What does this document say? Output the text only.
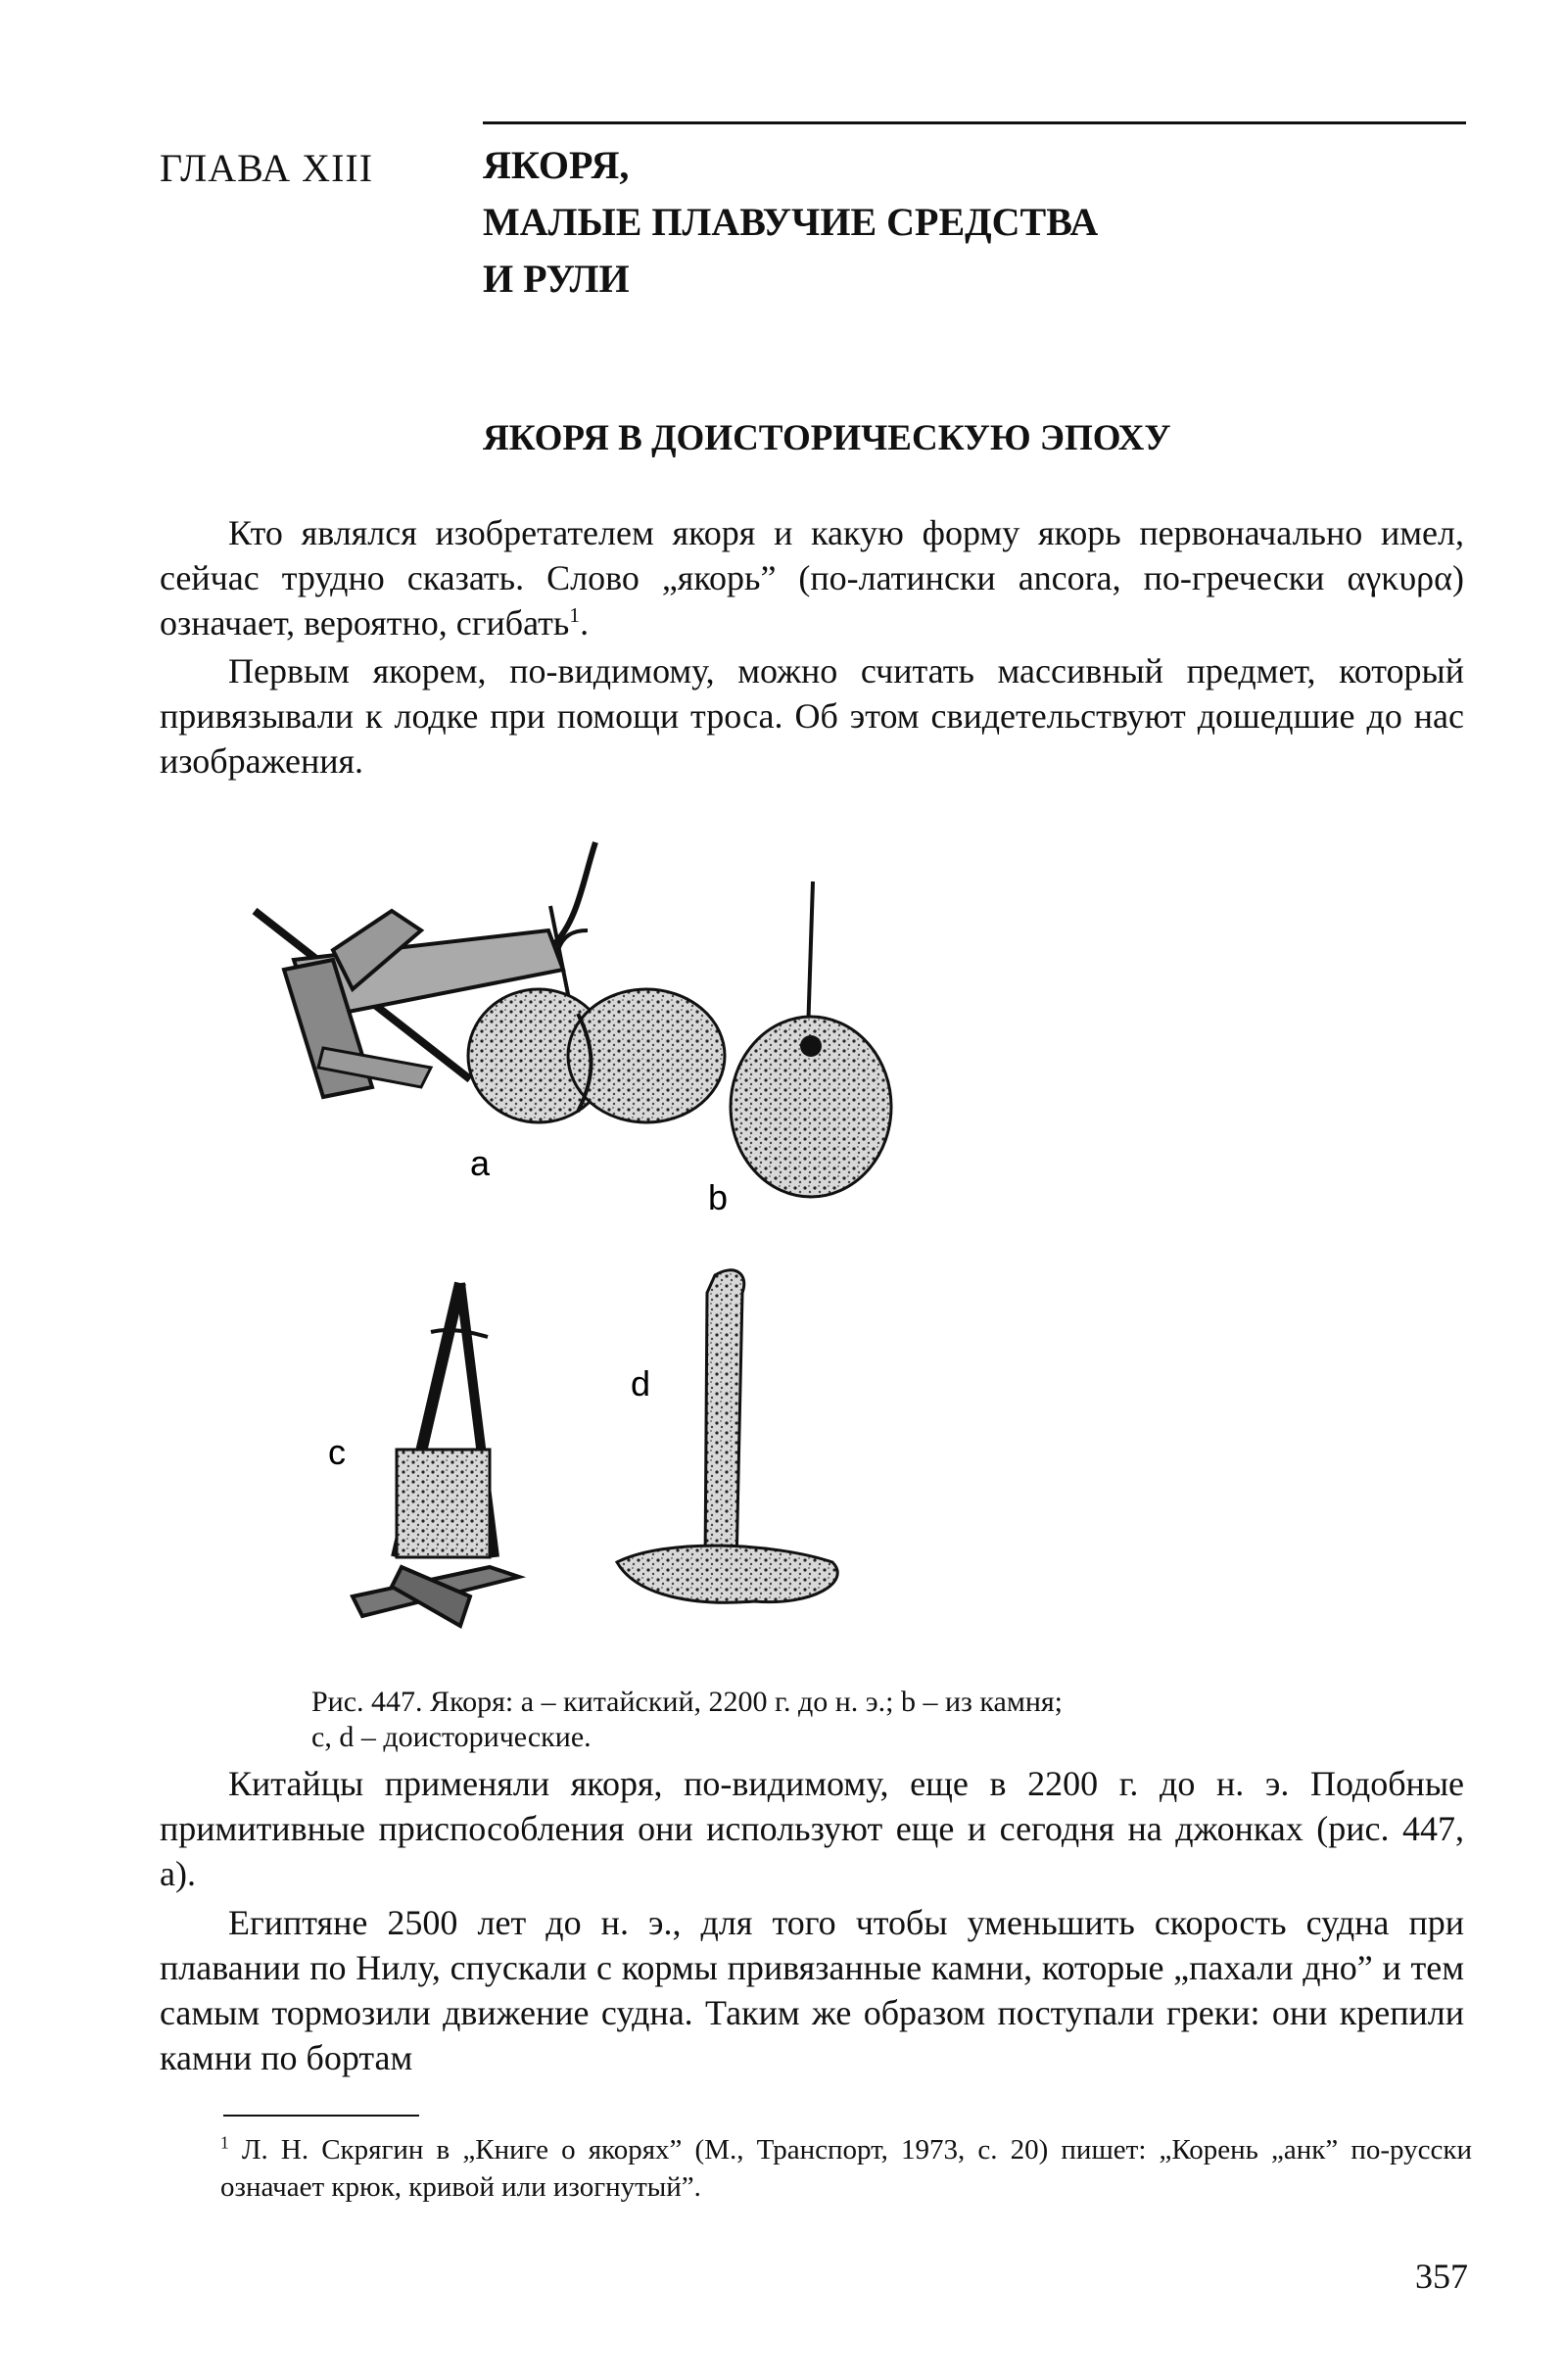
ГЛАВА XIII	ЯКОРЯ,
МАЛЫЕ ПЛАВУЧИЕ СРЕДСТВА
И РУЛИ
ЯКОРЯ В ДОИСТОРИЧЕСКУЮ ЭПОХУ
Кто являлся изобретателем якоря и какую форму якорь первоначально имел, сейчас трудно сказать. Слово „якорь” (по-латински ancora, по-гречески αγκυρα) означает, вероятно, сгибать$^1$.
Первым якорем, по-видимому, можно считать массивный предмет, который привязывали к лодке при помощи троса. Об этом свидетельствуют дошедшие до нас изображения.
a
b
c
d
Рис. 447. Якоря: а – китайский, 2200 г. до н. э.; b – из камня;
c, d – доисторические.
Китайцы применяли якоря, по-видимому, еще в 2200 г. до н. э. Подобные примитивные приспособления они используют еще и сегодня на джонках (рис. 447, а).
Египтяне 2500 лет до н. э., для того чтобы уменьшить скорость судна при плавании по Нилу, спускали с кормы привязанные камни, которые „пахали дно” и тем самым тормозили движение судна. Таким же образом поступали греки: они крепили камни по бортам
$^1$ Л. Н. Скрягин в „Книге о якорях” (М., Транспорт, 1973, с. 20) пишет: „Корень „анк” по-русски означает крюк, кривой или изогнутый”.
357
